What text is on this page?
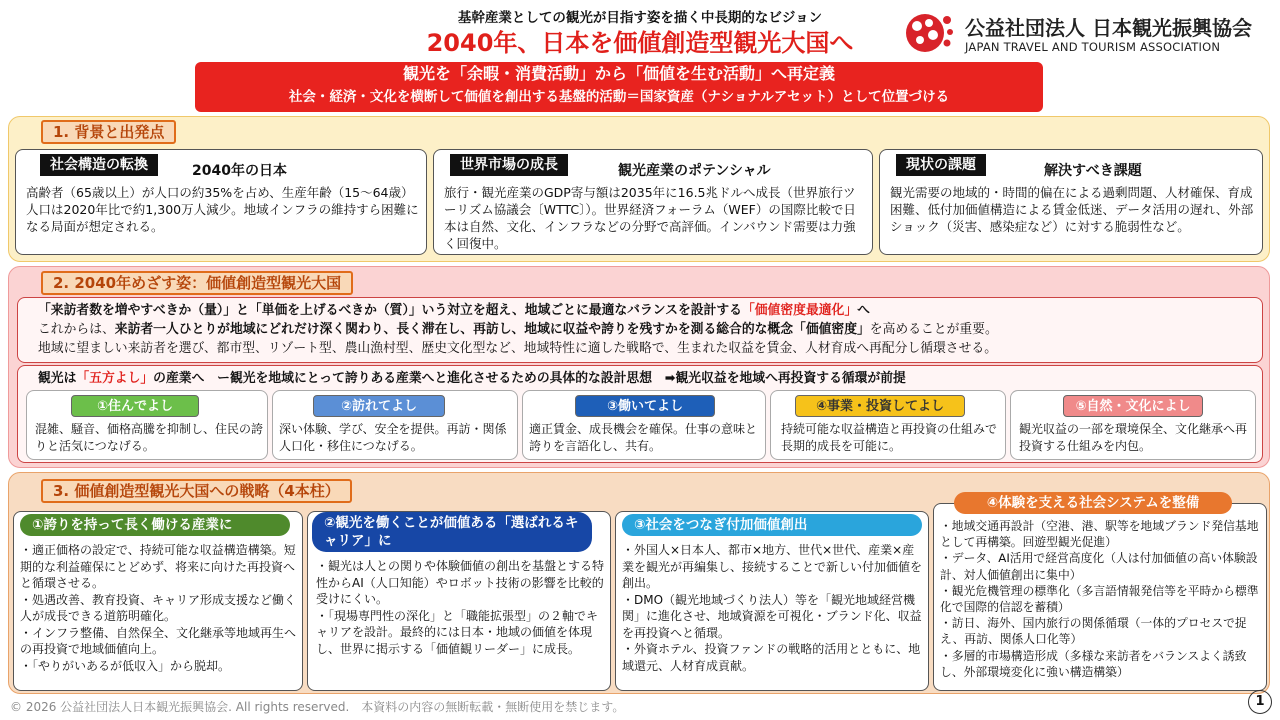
基幹産業としての観光が目指す姿を描く中長期的なビジョン
2040年、日本を価値創造型観光大国へ
公益社団法人 日本観光振興協会
JAPAN TRAVEL AND TOURISM ASSOCIATION
観光を「余暇・消費活動」から「価値を生む活動」へ再定義
社会・経済・文化を横断して価値を創出する基盤的活動＝国家資産（ナショナルアセット）として位置づける
1. 背景と出発点
社会構造の転換	2040年の日本
高齢者（65歳以上）が人口の約35%を占め、生産年齢（15～64歳）人口は2020年比で約1,300万人減少。地域インフラの維持すら困難になる局面が想定される。
世界市場の成長	観光産業のポテンシャル
旅行・観光産業のGDP寄与額は2035年に16.5兆ドルへ成長（世界旅行ツーリズム協議会〔WTTC〕）。世界経済フォーラム（WEF）の国際比較で日本は自然、文化、インフラなどの分野で高評価。インバウンド需要は力強く回復中。
現状の課題	解決すべき課題
観光需要の地域的・時間的偏在による過剰問題、人材確保、育成困難、低付加価値構造による賃金低迷、データ活用の遅れ、外部ショック（災害、感染症など）に対する脆弱性など。
2. 2040年めざす姿：価値創造型観光大国
「来訪者数を増やすべきか（量）」と「単価を上げるべきか（質）」いう対立を超え、地域ごとに最適なバランスを設計する「価値密度最適化」へ
これからは、来訪者一人ひとりが地域にどれだけ深く関わり、長く滞在し、再訪し、地域に収益や誇りを残すかを測る総合的な概念「価値密度」を高めることが重要。
地域に望ましい来訪者を選び、都市型、リゾート型、農山漁村型、歴史文化型など、地域特性に適した戦略で、生まれた収益を賃金、人材育成へ再配分し循環させる。
観光は「五方よし」の産業へ　ー観光を地域にとって誇りある産業へと進化させるための具体的な設計思想　➡観光収益を地域へ再投資する循環が前提
①住んでよし
混雑、騒音、価格高騰を抑制し、住民の誇りと活気につなげる。
②訪れてよし
深い体験、学び、安全を提供。再訪・関係人口化・移住につなげる。
③働いてよし
適正賃金、成長機会を確保。仕事の意味と誇りを言語化し、共有。
④事業・投資してよし
持続可能な収益構造と再投資の仕組みで長期的成長を可能に。
⑤自然・文化によし
観光収益の一部を環境保全、文化継承へ再投資する仕組みを内包。
3. 価値創造型観光大国への戦略（4本柱）
①誇りを持って長く働ける産業に

・適正価格の設定で、持続可能な収益構造構築。短期的な利益確保にとどめず、将来に向けた再投資へと循環させる。

・処遇改善、教育投資、キャリア形成支援など働く人が成長できる道筋明確化。

・インフラ整備、自然保全、文化継承等地域再生への再投資で地域価値向上。

・「やりがいあるが低収入」から脱却。

②観光を働くことが価値ある「選ばれるキャリア」に

・観光は人との関りや体験価値の創出を基盤とする特性からAI（人口知能）やロボット技術の影響を比較的受けにくい。

・「現場専門性の深化」と「職能拡張型」の２軸でキャリアを設計。最終的には日本・地域の価値を体現し、世界に掲示する「価値観リーダー」に成長。

③社会をつなぎ付加価値創出

・外国人×日本人、都市×地方、世代×世代、産業×産業を観光が再編集し、接続することで新しい付加価値を創出。

・DMO（観光地域づくり法人）等を「観光地域経営機関」に進化させ、地域資源を可視化・ブランド化、収益を再投資へと循環。

・外資ホテル、投資ファンドの戦略的活用とともに、地域還元、人材育成貢献。

④体験を支える社会システムを整備

・地域交通再設計（空港、港、駅等を地域ブランド発信基地として再構築。回遊型観光促進）

・データ、AI活用で経営高度化（人は付加価値の高い体験設計、対人価値創出に集中）

・観光危機管理の標準化（多言語情報発信等を平時から標準化で国際的信認を蓄積）

・訪日、海外、国内旅行の関係循環（一体的プロセスで捉え、再訪、関係人口化等）

・多層的市場構造形成（多様な来訪者をバランスよく誘致し、外部環境変化に強い構造構築）

© 2026 公益社団法人日本観光振興協会. All rights reserved.　本資料の内容の無断転載・無断使用を禁じます。	1
